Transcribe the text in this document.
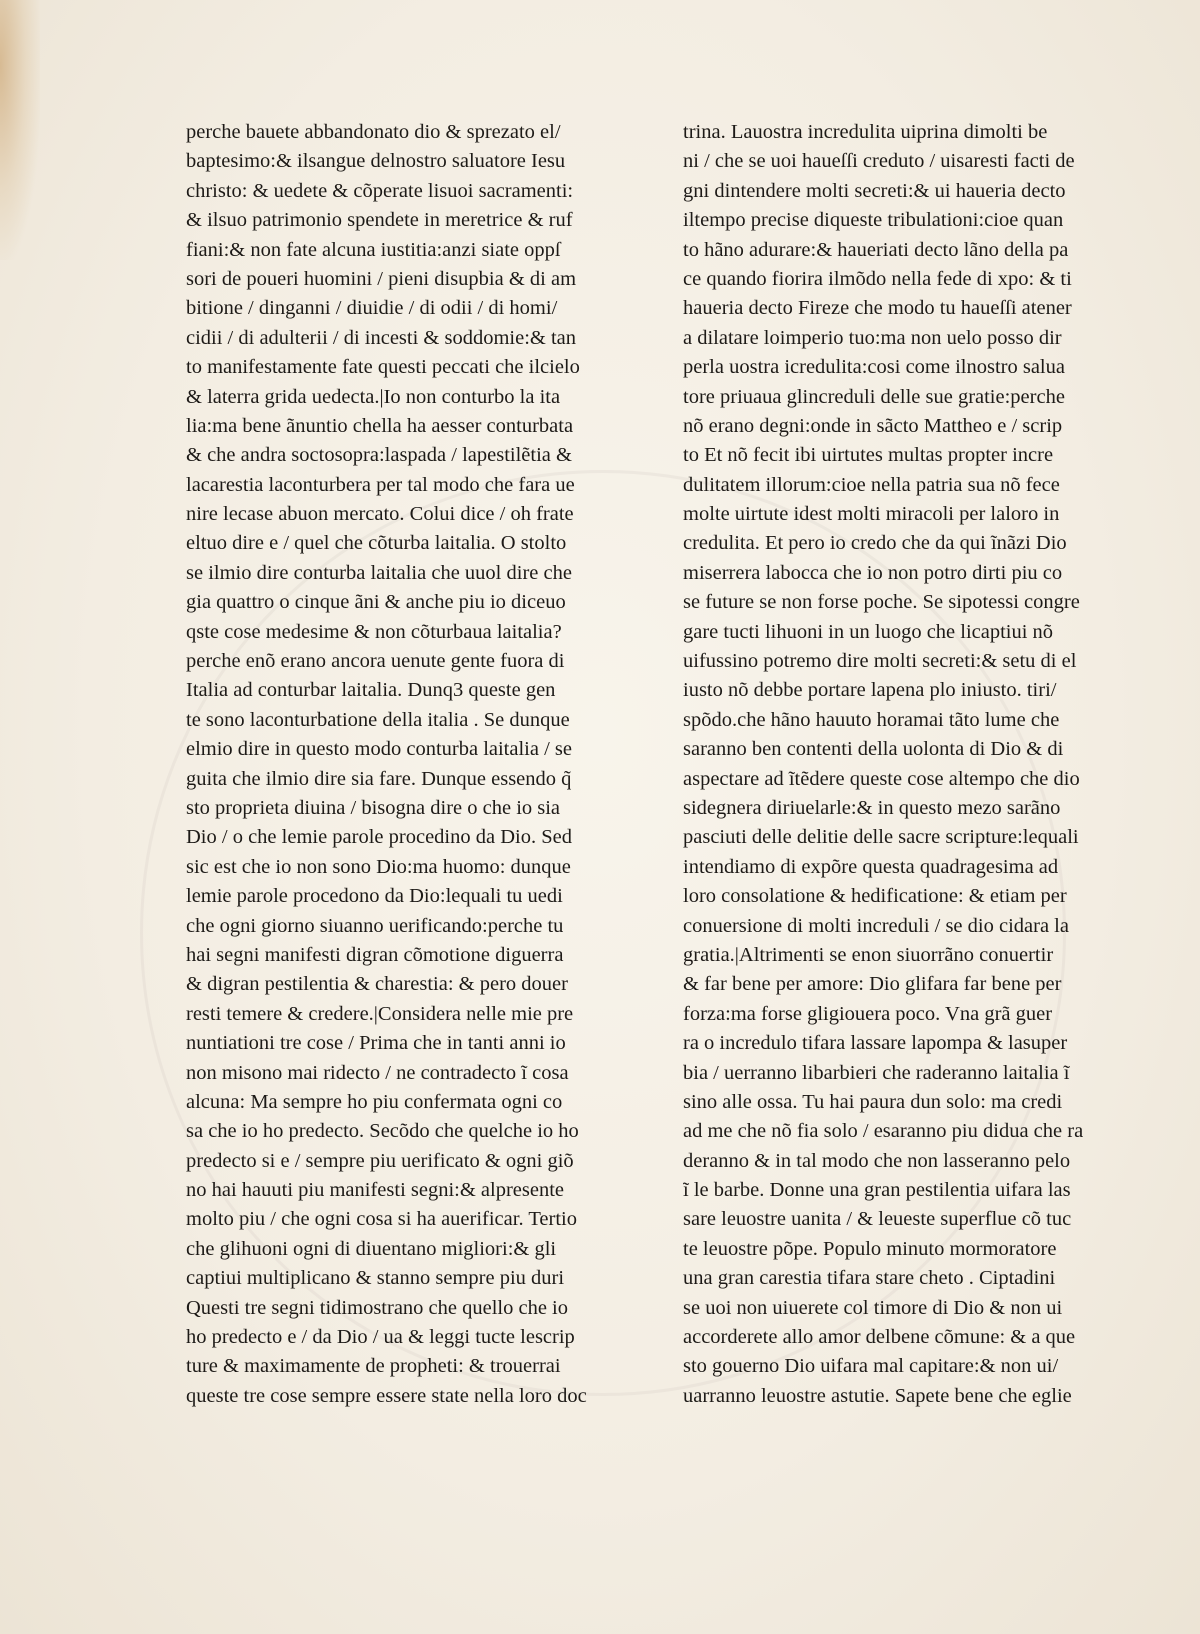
perche bauete abbandonato dio & sprezato el/
baptesimo:& ilsangue delnostro saluatore Iesu
christo: & uedete & cõperate lisuoi sacramenti:
& ilsuo patrimonio spendete in meretrice & ruf
fiani:& non fate alcuna iustitia:anzi siate oppſ
sori de poueri huomini / pieni disupbia & di am
bitione / dinganni / diuidie / di odii / di homi/
cidii / di adulterii / di incesti & soddomie:& tan
to manifestamente fate questi peccati che ilcielo
& laterra grida uedecta.|Io non conturbo la ita
lia:ma bene ãnuntio chella ha aesser conturbata
& che andra soctosopra:laspada / lapestilẽtia &
lacarestia laconturbera per tal modo che fara ue
nire lecase abuon mercato. Colui dice / oh frate
eltuo dire e / quel che cõturba laitalia. O stolto
se ilmio dire conturba laitalia che uuol dire che
gia quattro o cinque ãni & anche piu io diceuo
qste cose medesime & non cõturbaua laitalia?
perche enõ erano ancora uenute gente fuora di
Italia ad conturbar laitalia. Dunq3 queste gen
te sono laconturbatione della italia . Se dunque
elmio dire in questo modo conturba laitalia / se
guita che ilmio dire sia fare. Dunque essendo q̃
sto proprieta diuina / bisogna dire o che io sia
Dio / o che lemie parole procedino da Dio. Sed
sic est che io non sono Dio:ma huomo: dunque
lemie parole procedono da Dio:lequali tu uedi
che ogni giorno siuanno uerificando:perche tu
hai segni manifesti digran cõmotione diguerra
& digran pestilentia & charestia: & pero douer
resti temere & credere.|Considera nelle mie pre
nuntiationi tre cose / Prima che in tanti anni io
non misono mai ridecto / ne contradecto ĩ cosa
alcuna: Ma sempre ho piu confermata ogni co
sa che io ho predecto. Secõdo che quelche io ho
predecto si e / sempre piu uerificato & ogni giõ
no hai hauuti piu manifesti segni:& alpresente
molto piu / che ogni cosa si ha auerificar. Tertio
che glihuoni ogni di diuentano migliori:& gli
captiui multiplicano & stanno sempre piu duri
Questi tre segni tidimostrano che quello che io
ho predecto e / da Dio / ua & leggi tucte lescrip
ture & maximamente de propheti: & trouerrai
queste tre cose sempre essere state nella loro doc
trina. Lauostra incredulita uiprina dimolti be
ni / che se uoi haueſſi creduto / uisaresti facti de
gni dintendere molti secreti:& ui haueria decto
iltempo precise diqueste tribulationi:cioe quan
to hãno adurare:& haueriati decto lãno della pa
ce quando fiorira ilmõdo nella fede di xpo: & ti
haueria decto Fireze che modo tu haueſſi atener
a dilatare loimperio tuo:ma non uelo posso dir
perla uostra icredulita:cosi come ilnostro salua
tore priuaua glincreduli delle sue gratie:perche
nõ erano degni:onde in sãcto Mattheo e / scrip
to Et nõ fecit ibi uirtutes multas propter incre
dulitatem illorum:cioe nella patria sua nõ fece
molte uirtute idest molti miracoli per laloro in
credulita. Et pero io credo che da qui ĩnãzi Dio
miserrera labocca che io non potro dirti piu co
se future se non forse poche. Se sipotessi congre
gare tucti lihuoni in un luogo che licaptiui nõ
uifussino potremo dire molti secreti:& setu di el
iusto nõ debbe portare lapena plo iniusto. tiri/
spõdo.che hãno hauuto horamai tãto lume che
saranno ben contenti della uolonta di Dio & di
aspectare ad ĩtẽdere queste cose altempo che dio
sidegnera diriuelarle:& in questo mezo sarãno
pasciuti delle delitie delle sacre scripture:lequali
intendiamo di expõre questa quadragesima ad
loro consolatione & hedificatione: & etiam per
conuersione di molti increduli / se dio cidara la
gratia.|Altrimenti se enon siuorrãno conuertir
& far bene per amore: Dio glifara far bene per
forza:ma forse gligiouera poco. Vna grã guer
ra o incredulo tifara lassare lapompa & lasuper
bia / uerranno libarbieri che raderanno laitalia ĩ
sino alle ossa. Tu hai paura dun solo: ma credi
ad me che nõ fia solo / esaranno piu didua che ra
deranno & in tal modo che non lasseranno pelo
ĩ le barbe. Donne una gran pestilentia uifara las
sare leuostre uanita / & leueste superflue cõ tuc
te leuostre põpe. Populo minuto mormoratore
una gran carestia tifara stare cheto . Ciptadini
se uoi non uiuerete col timore di Dio & non ui
accorderete allo amor delbene cõmune: & a que
sto gouerno Dio uifara mal capitare:& non ui/
uarranno leuostre astutie. Sapete bene che eglie
